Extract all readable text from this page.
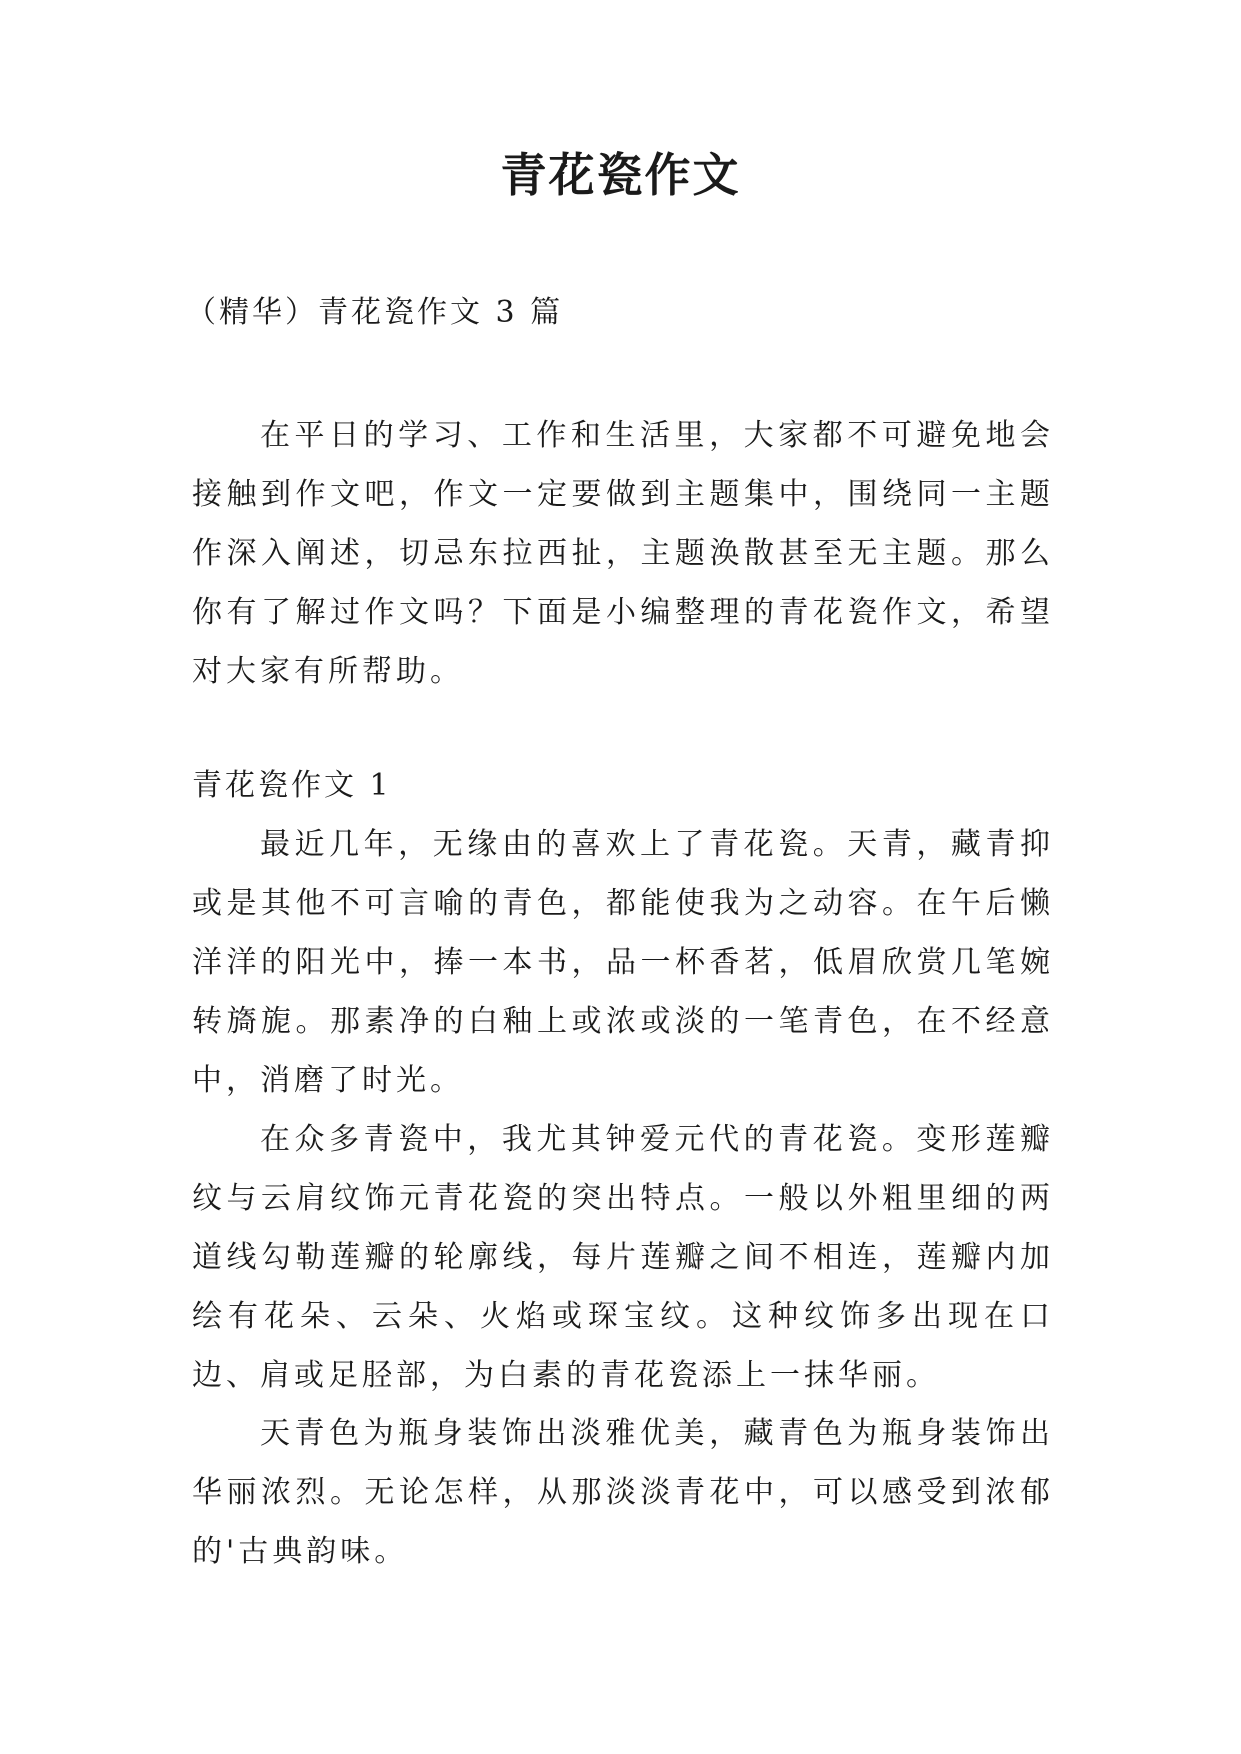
青花瓷作文
（精华）青花瓷作文 3 篇

在平日的学习、工作和生活里，大家都不可避免地会接触到作文吧，作文一定要做到主题集中，围绕同一主题作深入阐述，切忌东拉西扯，主题涣散甚至无主题。那么你有了解过作文吗？下面是小编整理的青花瓷作文，希望对大家有所帮助。

青花瓷作文 1

最近几年，无缘由的喜欢上了青花瓷。天青，藏青抑或是其他不可言喻的青色，都能使我为之动容。在午后懒洋洋的阳光中，捧一本书，品一杯香茗，低眉欣赏几笔婉转旖旎。那素净的白釉上或浓或淡的一笔青色，在不经意中，消磨了时光。

在众多青瓷中，我尤其钟爱元代的青花瓷。变形莲瓣纹与云肩纹饰元青花瓷的突出特点。一般以外粗里细的两道线勾勒莲瓣的轮廓线，每片莲瓣之间不相连，莲瓣内加绘有花朵、云朵、火焰或琛宝纹。这种纹饰多出现在口边、肩或足胫部，为白素的青花瓷添上一抹华丽。

天青色为瓶身装饰出淡雅优美，藏青色为瓶身装饰出华丽浓烈。无论怎样，从那淡淡青花中，可以感受到浓郁的'古典韵味。
